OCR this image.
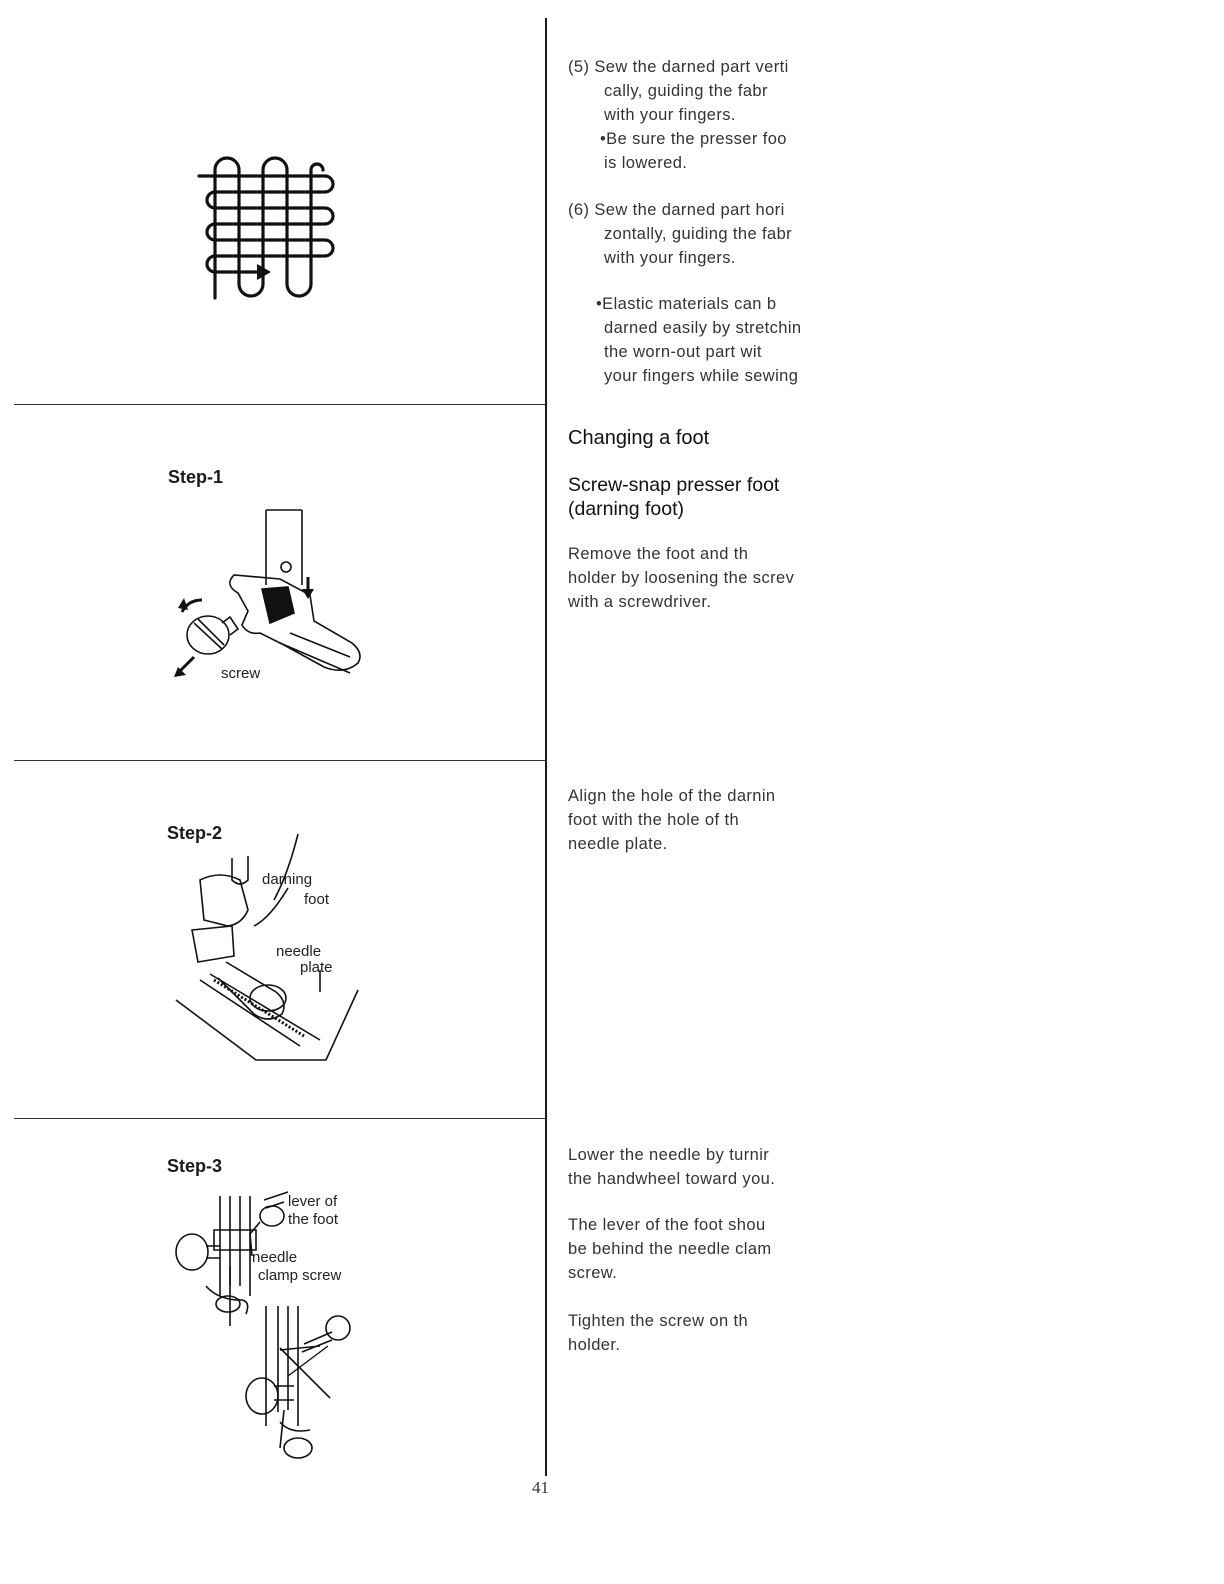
Step-1
screw
Step-2
darning
foot
needle
plate
Step-3
lever of
the foot
needle
clamp screw

(5) Sew the darned part verti

cally, guiding the fabr

with your fingers.

•Be sure the presser foo

is lowered.

(6) Sew the darned part hori

zontally, guiding the fabr

with your fingers.

•Elastic materials can b

darned easily by stretchin

the worn-out part wit

your fingers while sewing

Changing a foot
Screw-snap presser foot
(darning foot)

Remove the foot and th

holder by loosening the screv

with a screwdriver.

Align the hole of the darnin

foot with the hole of th

needle plate.

Lower the needle by turnir

the handwheel toward you.

The lever of the foot shou

be behind the needle clam

screw.

Tighten the screw on th

holder.

41
